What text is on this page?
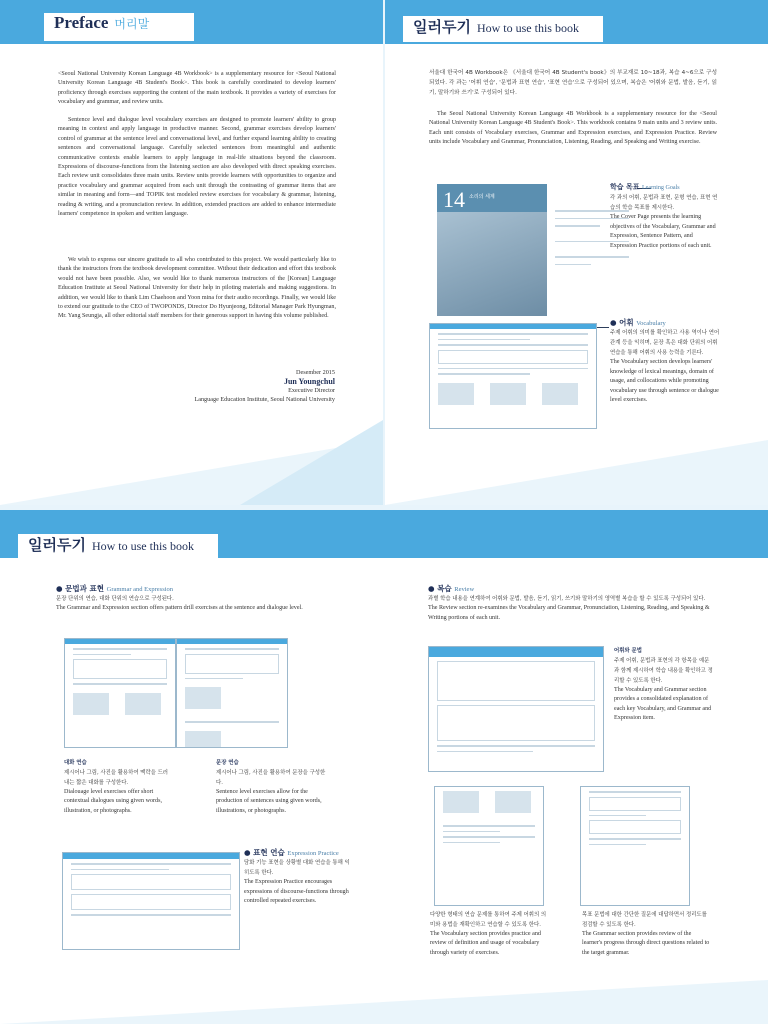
Preface 머리말
<Seoul National University Korean Language 4B Workbook> is a supplementary resource for <Seoul National University Korean Language 4B Student's Book>. This book is carefully coordinated to develop learners' proficiency through exercises supporting the content of the main textbook. It provides a variety of exercises for vocabulary and grammar, and review units.
Sentence level and dialogue level vocabulary exercises are designed to promote learners' ability to group meaning in context and apply language in productive manner. Second, grammar exercises develop learners' control of grammar at the sentence level and conversational level, and further expand learning ability to creating sentences and conversational language. Carefully selected sentences from meaningful and authentic communicative contexts enable learners to apply language in real-life situations beyond the classroom. Expressions of discourse-functions from the listening section are also developed with direct speaking exercises. Each review unit consolidates three main units. Review units provide learners with opportunities to organize and practice vocabulary and grammar acquired from each unit through the contrasting of grammar items that are similar in meaning and form—and TOPIK test modeled review exercises for vocabulary & grammar, listening, reading & writing, and a pronunciation review. In addition, extended practices are added to enhance intermediate learners' competence in spoken and written language.
We wish to express our sincere gratitude to all who contributed to this project. We would particularly like to thank the instructors from the textbook development committee. Without their dedication and effort this textbook would not have been possible. Also, we would like to thank numerous instructors of the [Korean] Language Education Institute at Seoul National University for their help in piloting materials and making suggestions. In addition, we would like to thank Lim Chaehoon and Yoon mina for their audio recordings. Finally, we would like to extend our gratitude to the CEO of TWOPONDS, Director Do Hyunjeong, Editorial Manager Park Hyungman, Mr. Yang Seungja, all other editorial staff members for their generous support in having this volume published.
Desember 2015
Jun Youngchul
Executive Director
Language Education Institute, Seoul National University
일러두기 How to use this book
서울대 한국어 4B Workbook은 《서울대 한국어 4B Student's book》의 부교재로 10~18과, 복습 4~6으로 구성되었다. 각 과는 '어휘 연습', '문법과 표현 연습', '표현 연습'으로 구성되어 있으며, 복습은 '어휘와 문법, 발음, 듣기, 읽기, 말하기와 쓰기'로 구성되어 있다.
The Seoul National University Korean Language 4B Workbook is a supplementary resource for the <Seoul National University Korean Language 4B Student's Book>. This workbook contains 9 main units and 3 review units. Each unit consists of Vocabulary exercises, Grammar and Expression exercises, and Expression Practice. Review units include Vocabulary and Grammar, Pronunciation, Listening, Reading, and Speaking and Writing exercise.
14 소리의 세계
학습 목표 Learning Goals
각 과의 어휘, 문법과 표현, 문형 연습, 표현 연습의 학습 목표를 제시한다.
The Cover Page presents the learning objectives of the Vocabulary, Grammar and Expression, Sentence Pattern, and Expression Practice portions of each unit.
● 어휘 Vocabulary
주제 어휘의 의미를 확인하고 사용 역이나 연어 관계 등을 익히며, 문장 혹은 대화 단위의 어휘 연습을 통해 어휘의 사용 능력을 기른다.
The Vocabulary section develops learners' knowledge of lexical meanings, domain of usage, and collocations while promoting vocabulary use through sentence or dialogue level exercises.
일러두기 How to use this book
● 문법과 표현 Grammar and Expression
문장 단위의 연습, 대화 단위의 연습으로 구성된다.
The Grammar and Expression section offers pattern drill exercises at the sentence and dialogue level.
대화 연습
제시어나 그림, 사진을 활용하여 맥락을 드러내는 짧은 대화를 구성한다.
Dialouage level exercises offer short contextual dialogues using given words, illustration, or photographs.
문장 연습
제시어나 그림, 사진을 활용하여 문장을 구성한다.
Sentence level exercises allow for the production of sentences using given words, illustrations, or photographs.
● 표현 연습 Expression Practice
담화 기능 표현을 상황별 대화 연습을 통해 익히도록 한다.
The Expression Practice encourages expressions of discourse-functions through controlled repeated exercises.
● 복습 Review
과별 학습 내용을 연계하여 어휘와 문법, 발음, 듣기, 읽기, 쓰기와 말하기의 영역별 복습을 할 수 있도록 구성되어 있다.
The Review section re-examines the Vocabulary and Grammar, Pronunciation, Listening, Reading, and Speaking & Writing portions of each unit.
어휘와 문법
주제 어휘, 문법과 표현의 각 항목을 예문과 함께 제시하여 학습 내용을 확인하고 정리할 수 있도록 한다.
The Vocabulary and Grammar section provides a consolidated explanation of each key Vocabulary, and Grammar and Expression item.
다양한 형태의 연습 문제를 통하여 주제 어휘의 의미와 용법을 재확인하고 연습할 수 있도록 한다.
The Vocabulary section provides practice and review of definition and usage of vocabulary through variety of exercises.
목표 문법에 대한 간단한 질문에 대답하면서 정리도를 점검할 수 있도록 한다.
The Grammar section provides review of the learner's progress through direct questions related to the target grammar.
